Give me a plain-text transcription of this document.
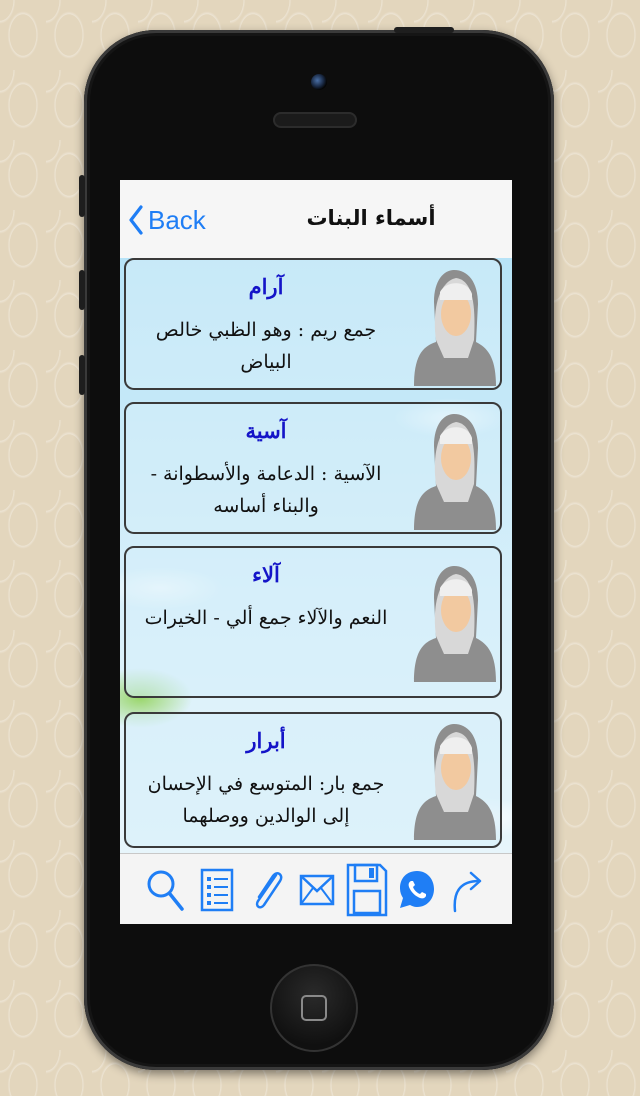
Back	أسماء البنات
آرام
جمع ريم : وهو الظبي خالص البياض
آسية
الآسية : الدعامة والأسطوانة - والبناء أساسه
آلاء
النعم والآلاء جمع ألي - الخيرات
أبرار
جمع بار: المتوسع في الإحسان إلى الوالدين ووصلهما
